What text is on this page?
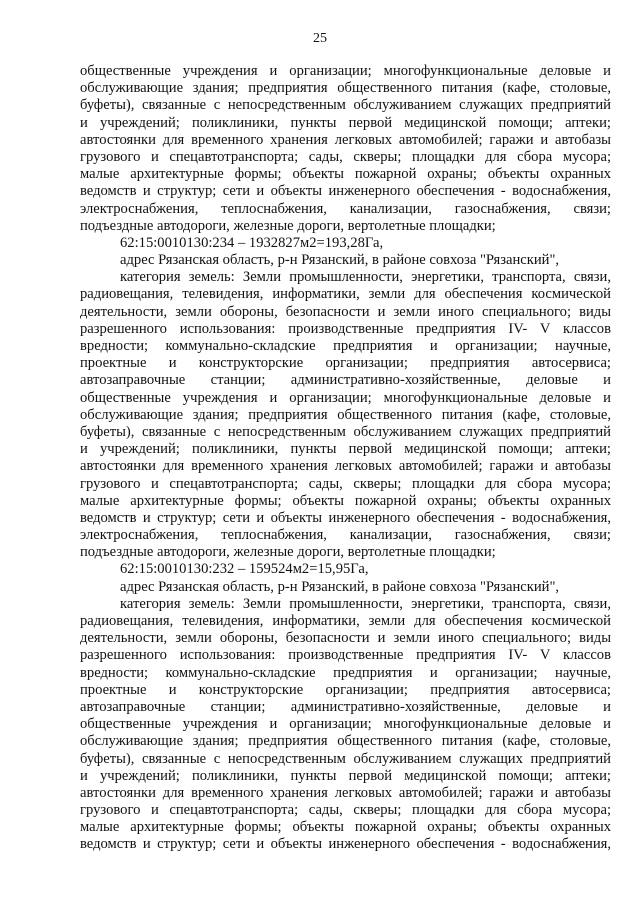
25
общественные учреждения и организации; многофункциональные деловые и
обслуживающие здания; предприятия общественного питания (кафе, столовые,
буфеты), связанные с непосредственным обслуживанием служащих предприятий
и учреждений; поликлиники, пункты первой медицинской помощи; аптеки;
автостоянки для временного хранения легковых автомобилей; гаражи и автобазы
грузового и спецавтотранспорта; сады, скверы; площадки для сбора мусора;
малые архитектурные формы; объекты пожарной охраны; объекты охранных
ведомств и структур; сети и объекты инженерного обеспечения - водоснабжения,
электроснабжения, теплоснабжения, канализации, газоснабжения, связи;
подъездные автодороги, железные дороги, вертолетные площадки;
62:15:0010130:234 – 1932827м2=193,28Га,
адрес Рязанская область, р-н Рязанский, в районе совхоза "Рязанский",
категория земель: Земли промышленности, энергетики, транспорта, связи,
радиовещания, телевидения, информатики, земли для обеспечения космической
деятельности, земли обороны, безопасности и земли иного специального; виды
разрешенного использования: производственные предприятия IV- V классов
вредности; коммунально-складские предприятия и организации; научные,
проектные и конструкторские организации; предприятия автосервиса;
автозаправочные станции; административно-хозяйственные, деловые и
общественные учреждения и организации; многофункциональные деловые и
обслуживающие здания; предприятия общественного питания (кафе, столовые,
буфеты), связанные с непосредственным обслуживанием служащих предприятий
и учреждений; поликлиники, пункты первой медицинской помощи; аптеки;
автостоянки для временного хранения легковых автомобилей; гаражи и автобазы
грузового и спецавтотранспорта; сады, скверы; площадки для сбора мусора;
малые архитектурные формы; объекты пожарной охраны; объекты охранных
ведомств и структур; сети и объекты инженерного обеспечения - водоснабжения,
электроснабжения, теплоснабжения, канализации, газоснабжения, связи;
подъездные автодороги, железные дороги, вертолетные площадки;
62:15:0010130:232 – 159524м2=15,95Га,
адрес Рязанская область, р-н Рязанский, в районе совхоза "Рязанский",
категория земель: Земли промышленности, энергетики, транспорта, связи,
радиовещания, телевидения, информатики, земли для обеспечения космической
деятельности, земли обороны, безопасности и земли иного специального; виды
разрешенного использования: производственные предприятия IV- V классов
вредности; коммунально-складские предприятия и организации; научные,
проектные и конструкторские организации; предприятия автосервиса;
автозаправочные станции; административно-хозяйственные, деловые и
общественные учреждения и организации; многофункциональные деловые и
обслуживающие здания; предприятия общественного питания (кафе, столовые,
буфеты), связанные с непосредственным обслуживанием служащих предприятий
и учреждений; поликлиники, пункты первой медицинской помощи; аптеки;
автостоянки для временного хранения легковых автомобилей; гаражи и автобазы
грузового и спецавтотранспорта; сады, скверы; площадки для сбора мусора;
малые архитектурные формы; объекты пожарной охраны; объекты охранных
ведомств и структур; сети и объекты инженерного обеспечения - водоснабжения,
